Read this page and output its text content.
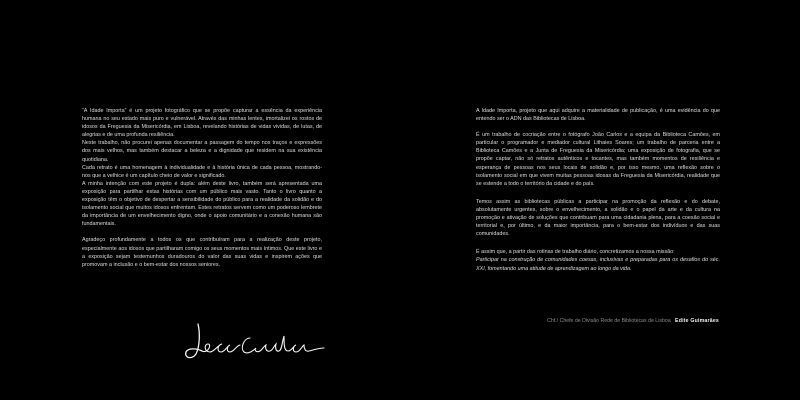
“A Idade Importa” é um projeto fotográfico que se propõe capturar a essência da experiência humana no seu estado mais puro e vulnerável. Através das minhas lentes, imortalizei os rostos de idosos da Freguesia da Misericórdia, em Lisboa, revelando histórias de vidas vividas, de lutas, de alegrias e de uma profunda resiliência.

Neste trabalho, não procurei apenas documentar a passagem do tempo nos traços e expressões dos mais velhos, mas também destacar a beleza e a dignidade que residem na sua existência quotidiana.

Cada retrato é uma homenagem à individualidade e à história única de cada pessoa, mostrando-nos que a velhice é um capítulo cheio de valor e significado.

A minha intenção com este projeto é dupla: além deste livro, também será apresentada uma exposição para partilhar estas histórias com um público mais vasto. Tanto o livro quanto a exposição têm o objetivo de despertar a sensibilidade do público para a realidade da solidão e do isolamento social que muitos idosos enfrentam. Estes retratos servem como um poderoso lembrete da importância de um envelhecimento digno, onde o apoio comunitário e a conexão humana são fundamentais.

Agradeço profundamente a todos os que contribuíram para a realização deste projeto, especialmente aos idosos que partilharam comigo os seus momentos mais íntimos. Que este livro e a exposição sejam testemunhos duradouros do valor das suas vidas e inspirem ações que promovam a inclusão e o bem-estar dos nossos seniores.

A Idade Importa, projeto que aqui adquire a materialidade de publicação, é uma evidência do que entendo ser o ADN das Bibliotecas de Lisboa.

É um trabalho de cocriação entre o fotógrafo João Carlos e a equipa da Biblioteca Camões, em particular o programador e mediador cultural Lithaies Soares; um trabalho de parceria entre a Biblioteca Camões e a Junta de Freguesia da Misericórdia; uma exposição de fotografia, que se propõe captar, não só retratos autênticos e tocantes, mas também momentos de resiliência e esperança de pessoas nos seus locais de solidão e, por isso mesmo, uma reflexão sobre o isolamento social em que vivem muitas pessoas idosas da Freguesia da Misericórdia, realidade que se estende a todo o território da cidade e do país.

Temos assim as bibliotecas públicas a participar na promoção da reflexão e do debate, absolutamente urgentes, sobre o envelhecimento, a solidão e o papel da arte e da cultura na promoção e ativação de soluções que contribuam para uma cidadania plena, para a coesão social e territorial e, por último, e da maior importância, para o bem-estar dos indivíduos e das suas comunidades.

É assim que, a partir das rotinas de trabalho diário, concretizamos a nossa missão:

Participar na construção de comunidades coesas, inclusivas e preparadas para os desafios do séc. XXI, fomentando uma atitude de aprendizagem ao longo da vida.

Chf./ Chefe de Divisão Rede de Bibliotecas de Lisboa Edite Guimarães
